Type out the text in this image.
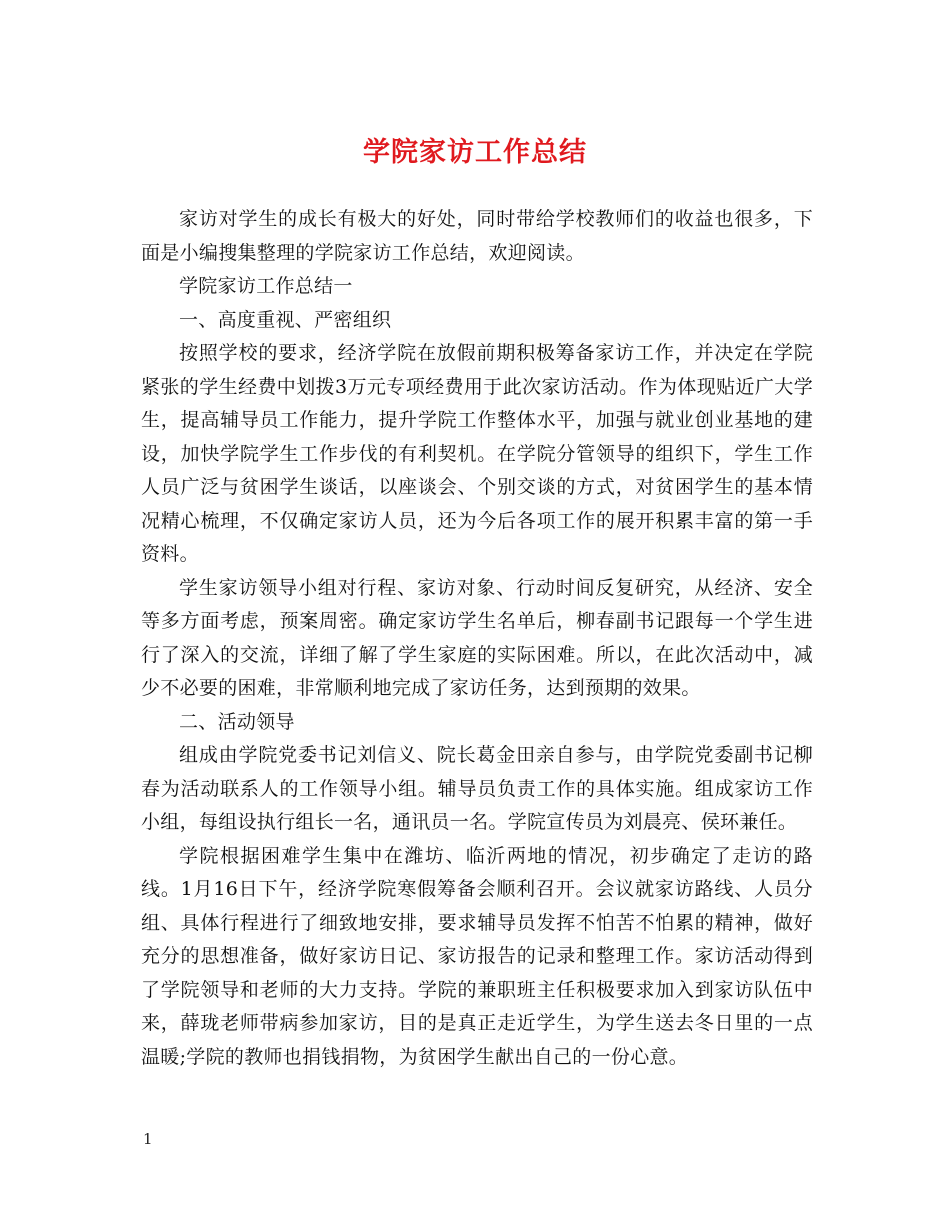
学院家访工作总结

家访对学生的成长有极大的好处，同时带给学校教师们的收益也很多，下面是小编搜集整理的学院家访工作总结，欢迎阅读。

学院家访工作总结一

一、高度重视、严密组织

按照学校的要求，经济学院在放假前期积极筹备家访工作，并决定在学院紧张的学生经费中划拨3万元专项经费用于此次家访活动。作为体现贴近广大学生，提高辅导员工作能力，提升学院工作整体水平，加强与就业创业基地的建设，加快学院学生工作步伐的有利契机。在学院分管领导的组织下，学生工作人员广泛与贫困学生谈话，以座谈会、个别交谈的方式，对贫困学生的基本情况精心梳理，不仅确定家访人员，还为今后各项工作的展开积累丰富的第一手资料。

学生家访领导小组对行程、家访对象、行动时间反复研究，从经济、安全等多方面考虑，预案周密。确定家访学生名单后，柳春副书记跟每一个学生进行了深入的交流，详细了解了学生家庭的实际困难。所以，在此次活动中，减少不必要的困难，非常顺利地完成了家访任务，达到预期的效果。

二、活动领导

组成由学院党委书记刘信义、院长葛金田亲自参与，由学院党委副书记柳春为活动联系人的工作领导小组。辅导员负责工作的具体实施。组成家访工作小组，每组设执行组长一名，通讯员一名。学院宣传员为刘晨亮、侯环兼任。

学院根据困难学生集中在潍坊、临沂两地的情况，初步确定了走访的路线。1月16日下午，经济学院寒假筹备会顺利召开。会议就家访路线、人员分组、具体行程进行了细致地安排，要求辅导员发挥不怕苦不怕累的精神，做好充分的思想准备，做好家访日记、家访报告的记录和整理工作。家访活动得到了学院领导和老师的大力支持。学院的兼职班主任积极要求加入到家访队伍中来，薛珑老师带病参加家访，目的是真正走近学生，为学生送去冬日里的一点温暖;学院的教师也捐钱捐物，为贫困学生献出自己的一份心意。

1
